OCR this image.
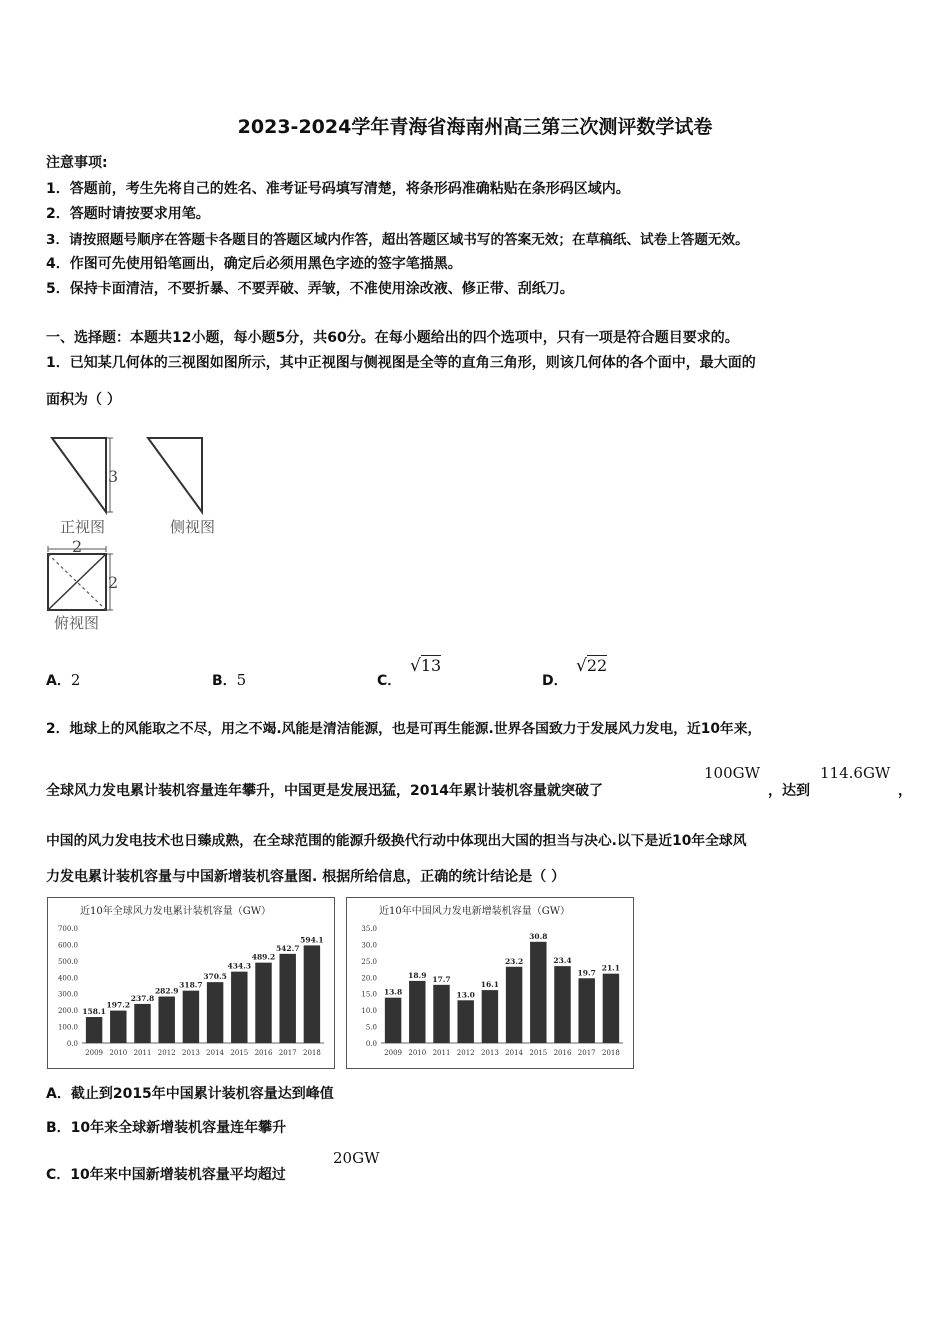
2023-2024学年青海省海南州高三第三次测评数学试卷
注意事项:
1．答题前，考生先将自己的姓名、准考证号码填写清楚，将条形码准确粘贴在条形码区域内。
2．答题时请按要求用笔。
3．请按照题号顺序在答题卡各题目的答题区域内作答，超出答题区域书写的答案无效；在草稿纸、试卷上答题无效。
4．作图可先使用铅笔画出，确定后必须用黑色字迹的签字笔描黑。
5．保持卡面清洁，不要折暴、不要弄破、弄皱，不准使用涂改液、修正带、刮纸刀。
一、选择题：本题共12小题，每小题5分，共60分。在每小题给出的四个选项中，只有一项是符合题目要求的。
1．已知某几何体的三视图如图所示，其中正视图与侧视图是全等的直角三角形，则该几何体的各个面中，最大面的
面积为（ ）
3
正视图	侧视图
2
2
俯视图
A．2	B．5	C．
√13
D．
√22
2．地球上的风能取之不尽，用之不竭.风能是清洁能源，也是可再生能源.世界各国致力于发展风力发电，近10年来，
全球风力发电累计装机容量连年攀升，中国更是发展迅猛，2014年累计装机容量就突破了
100GW
，达到
114.6GW
，
中国的风力发电技术也日臻成熟，在全球范围的能源升级换代行动中体现出大国的担当与决心.以下是近10年全球风
力发电累计装机容量与中国新增装机容量图. 根据所给信息，正确的统计结论是（ ）
近10年全球风力发电累计装机容量（GW）
0.0
100.0
200.0
300.0
400.0
500.0
600.0
700.0
158.1
2009
197.2
2010
237.8
2011
282.9
2012
318.7
2013
370.5
2014
434.3
2015
489.2
2016
542.7
2017
594.1
2018
近10年中国风力发电新增装机容量（GW）
0.0
5.0
10.0
15.0
20.0
25.0
30.0
35.0
13.8
2009
18.9
2010
17.7
2011
13.0
2012
16.1
2013
23.2
2014
30.8
2015
23.4
2016
19.7
2017
21.1
2018
A．截止到2015年中国累计装机容量达到峰值
B．10年来全球新增装机容量连年攀升
C．10年来中国新增装机容量平均超过
20GW
